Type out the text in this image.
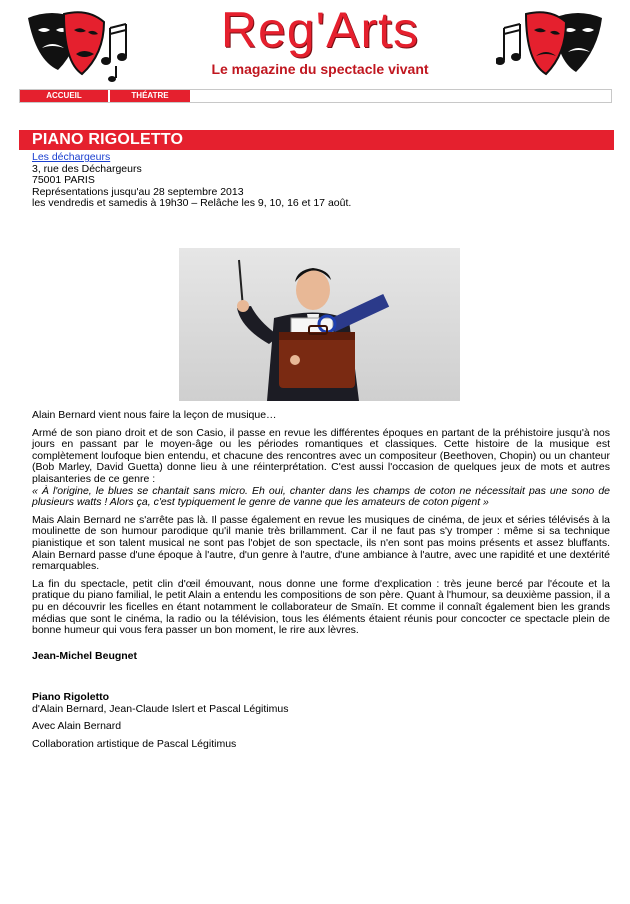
Reg'Arts
Le magazine du spectacle vivant
ACCUEIL	THÉATRE
PIANO RIGOLETTO
Les déchargeurs
3, rue des Déchargeurs
75001 PARIS
Représentations jusqu'au 28 septembre 2013
les vendredis et samedis à 19h30 – Relâche les 9, 10, 16 et 17 août.

Alain Bernard vient nous faire la leçon de musique…

Armé de son piano droit et de son Casio, il passe en revue les différentes époques en partant de la préhistoire jusqu'à nos jours en passant par le moyen-âge ou les périodes romantiques et classiques. Cette histoire de la musique est complètement loufoque bien entendu, et chacune des rencontres avec un compositeur (Beethoven, Chopin) ou un chanteur (Bob Marley, David Guetta) donne lieu à une réinterprétation. C'est aussi l'occasion de quelques jeux de mots et autres plaisanteries de ce genre :
« À l'origine, le blues se chantait sans micro. Eh oui, chanter dans les champs de coton ne nécessitait pas une sono de plusieurs watts ! Alors ça, c'est typiquement le genre de vanne que les amateurs de coton pigent »

Mais Alain Bernard ne s'arrête pas là. Il passe également en revue les musiques de cinéma, de jeux et séries télévisés à la moulinette de son humour parodique qu'il manie très brillamment. Car il ne faut pas s'y tromper : même si sa technique pianistique et son talent musical ne sont pas l'objet de son spectacle, ils n'en sont pas moins présents et assez bluffants. Alain Bernard passe d'une époque à l'autre, d'un genre à l'autre, d'une ambiance à l'autre, avec une rapidité et une dextérité remarquables.

La fin du spectacle, petit clin d'œil émouvant, nous donne une forme d'explication : très jeune bercé par l'écoute et la pratique du piano familial, le petit Alain a entendu les compositions de son père. Quant à l'humour, sa deuxième passion, il a pu en découvrir les ficelles en étant notamment le collaborateur de Smaïn. Et comme il connaît également bien les grands médias que sont le cinéma, la radio ou la télévision, tous les éléments étaient réunis pour concocter ce spectacle plein de bonne humeur qui vous fera passer un bon moment, le rire aux lèvres.

Jean-Michel Beugnet

Piano Rigoletto

d'Alain Bernard, Jean-Claude Islert et Pascal Légitimus

Avec Alain Bernard

Collaboration artistique de Pascal Légitimus
